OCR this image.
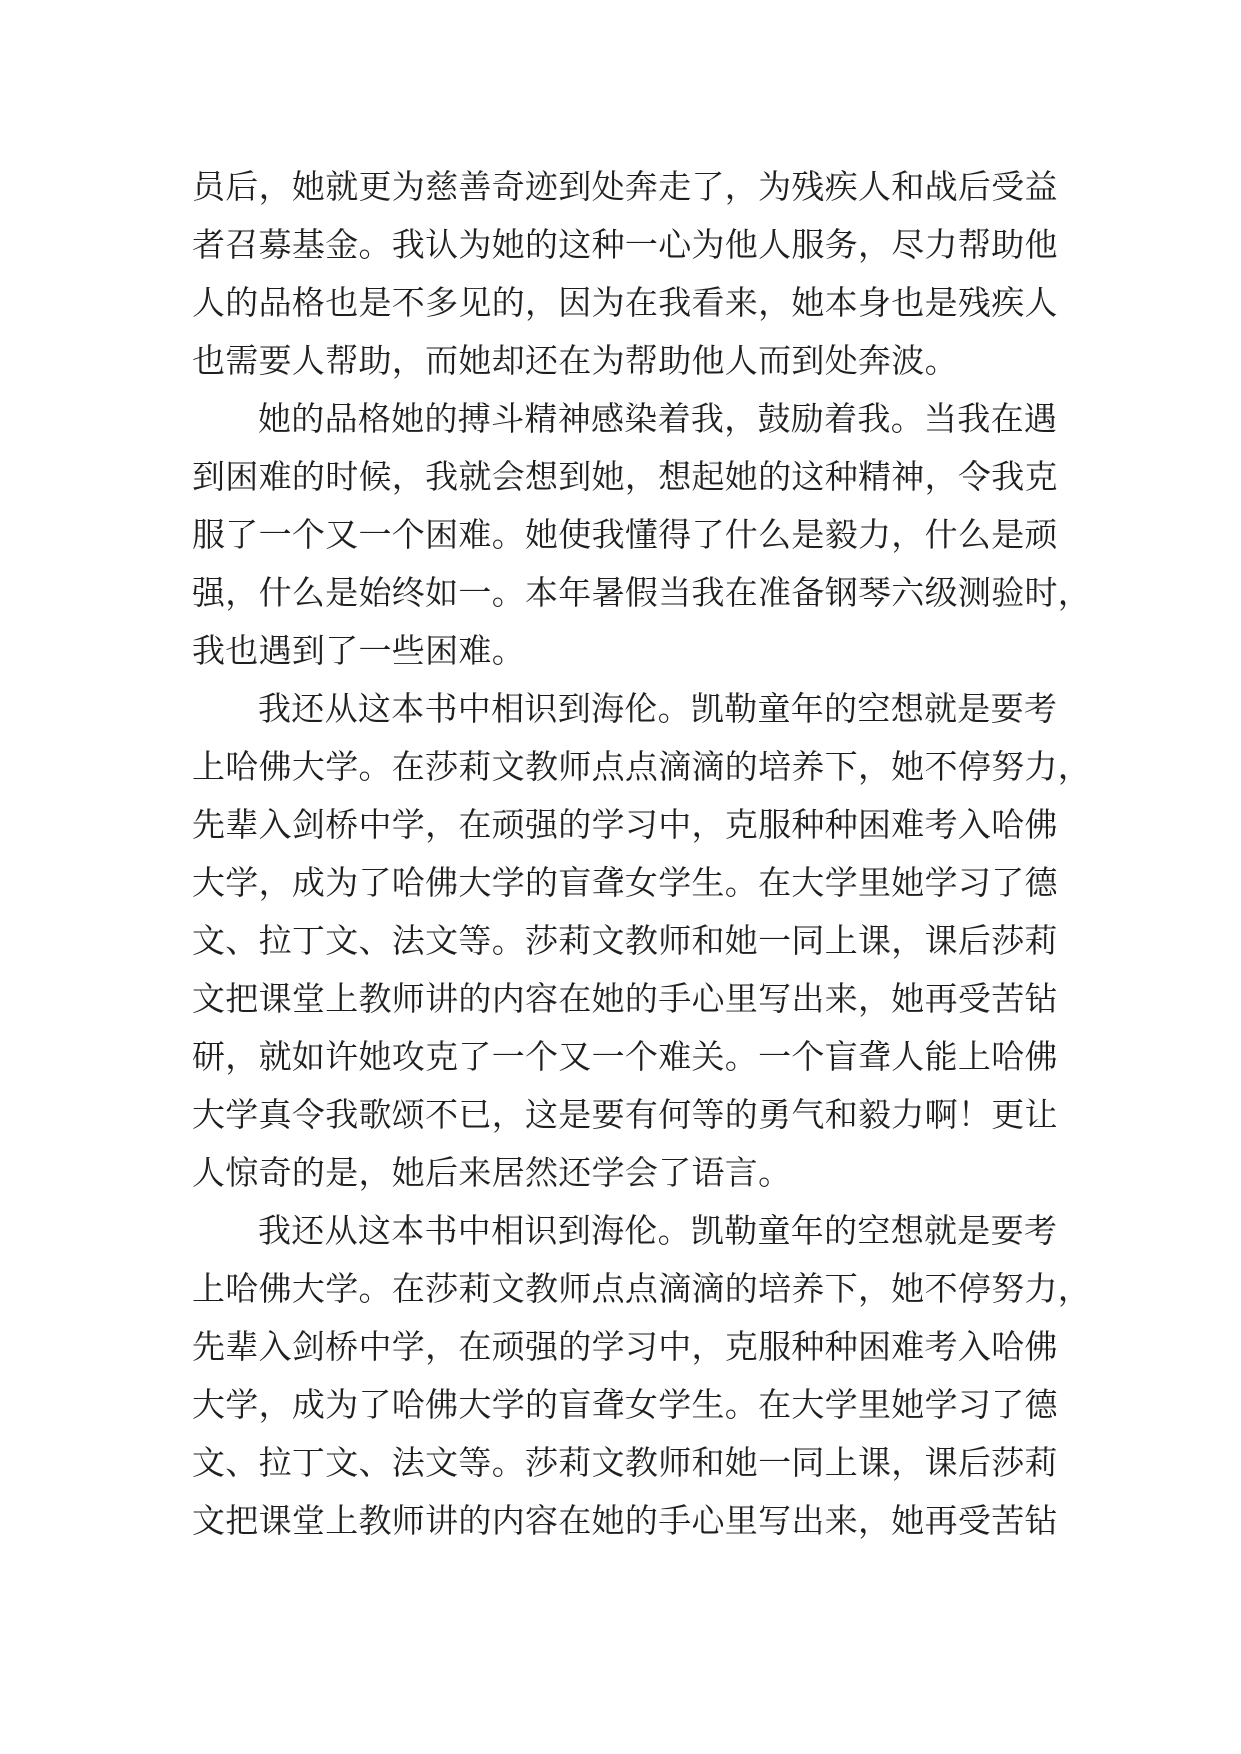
员后，她就更为慈善奇迹到处奔走了，为残疾人和战后受益
者召募基金。我认为她的这种一心为他人服务，尽力帮助他
人的品格也是不多见的，因为在我看来，她本身也是残疾人
也需要人帮助，而她却还在为帮助他人而到处奔波。
她的品格她的搏斗精神感染着我，鼓励着我。当我在遇
到困难的时候，我就会想到她，想起她的这种精神，令我克
服了一个又一个困难。她使我懂得了什么是毅力，什么是顽
强，什么是始终如一。本年暑假当我在准备钢琴六级测验时，
我也遇到了一些困难。
我还从这本书中相识到海伦。凯勒童年的空想就是要考
上哈佛大学。在莎莉文教师点点滴滴的培养下，她不停努力，
先辈入剑桥中学，在顽强的学习中，克服种种困难考入哈佛
大学，成为了哈佛大学的盲聋女学生。在大学里她学习了德
文、拉丁文、法文等。莎莉文教师和她一同上课，课后莎莉
文把课堂上教师讲的内容在她的手心里写出来，她再受苦钻
研，就如许她攻克了一个又一个难关。一个盲聋人能上哈佛
大学真令我歌颂不已，这是要有何等的勇气和毅力啊！更让
人惊奇的是，她后来居然还学会了语言。
我还从这本书中相识到海伦。凯勒童年的空想就是要考
上哈佛大学。在莎莉文教师点点滴滴的培养下，她不停努力，
先辈入剑桥中学，在顽强的学习中，克服种种困难考入哈佛
大学，成为了哈佛大学的盲聋女学生。在大学里她学习了德
文、拉丁文、法文等。莎莉文教师和她一同上课，课后莎莉
文把课堂上教师讲的内容在她的手心里写出来，她再受苦钻
